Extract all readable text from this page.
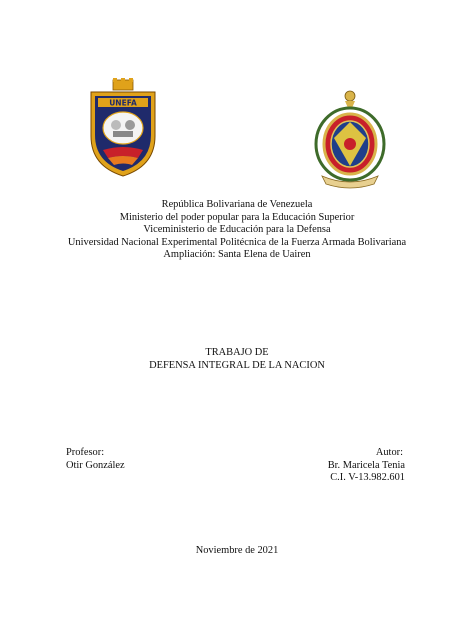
UNEFA
República Bolivariana de Venezuela
Ministerio del poder popular para la Educación Superior
Viceministerio de Educación para la Defensa
Universidad Nacional Experimental Politécnica de la Fuerza Armada Bolivariana
Ampliación: Santa Elena de Uairen
TRABAJO DE
DEFENSA INTEGRAL DE LA NACION
Profesor:
Otir González
Autor:
Br. Maricela Tenia
C.I. V-13.982.601
Noviembre de 2021
